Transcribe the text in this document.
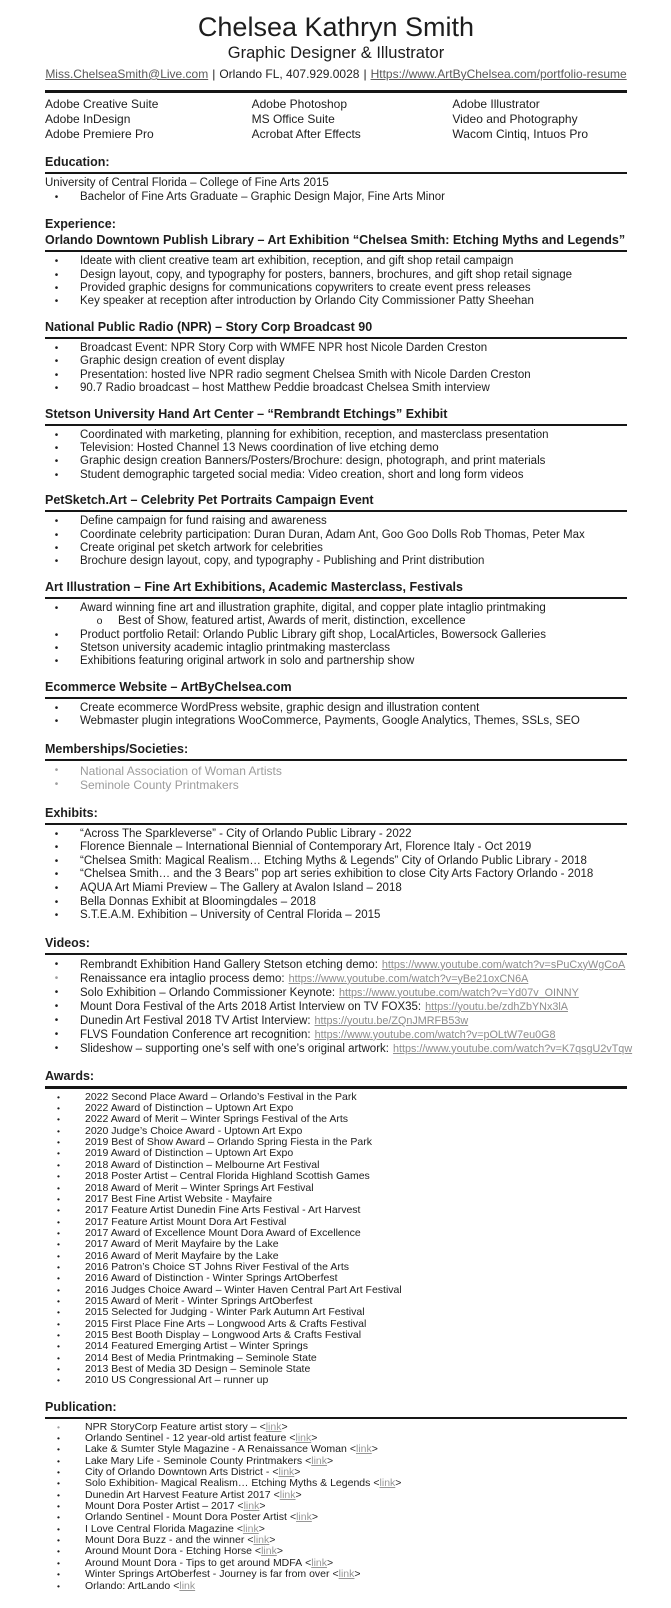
Chelsea Kathryn Smith
Graphic Designer & Illustrator
Miss.ChelseaSmith@Live.com | Orlando FL, 407.929.0028 | Https://www.ArtByChelsea.com/portfolio-resume
Adobe Creative Suite	Adobe Photoshop	Adobe Illustrator
Adobe InDesign	MS Office Suite	Video and Photography
Adobe Premiere Pro	Acrobat After Effects	Wacom Cintiq, Intuos Pro
Education:
University of Central Florida – College of Fine Arts 2015
• Bachelor of Fine Arts Graduate – Graphic Design Major, Fine Arts Minor
Experience:
Orlando Downtown Publish Library – Art Exhibition “Chelsea Smith: Etching Myths and Legends”
• Ideate with client creative team art exhibition, reception, and gift shop retail campaign
• Design layout, copy, and typography for posters, banners, brochures, and gift shop retail signage
• Provided graphic designs for communications copywriters to create event press releases
• Key speaker at reception after introduction by Orlando City Commissioner Patty Sheehan
National Public Radio (NPR) – Story Corp Broadcast 90
• Broadcast Event: NPR Story Corp with WMFE NPR host Nicole Darden Creston
• Graphic design creation of event display
• Presentation: hosted live NPR radio segment Chelsea Smith with Nicole Darden Creston
• 90.7 Radio broadcast – host Matthew Peddie broadcast Chelsea Smith interview
Stetson University Hand Art Center – “Rembrandt Etchings” Exhibit
• Coordinated with marketing, planning for exhibition, reception, and masterclass presentation
• Television: Hosted Channel 13 News coordination of live etching demo
• Graphic design creation Banners/Posters/Brochure: design, photograph, and print materials
• Student demographic targeted social media: Video creation, short and long form videos
PetSketch.Art – Celebrity Pet Portraits Campaign Event
• Define campaign for fund raising and awareness
• Coordinate celebrity participation: Duran Duran, Adam Ant, Goo Goo Dolls Rob Thomas, Peter Max
• Create original pet sketch artwork for celebrities
• Brochure design layout, copy, and typography - Publishing and Print distribution
Art Illustration – Fine Art Exhibitions, Academic Masterclass, Festivals
• Award winning fine art and illustration graphite, digital, and copper plate intaglio printmaking
o Best of Show, featured artist, Awards of merit, distinction, excellence
• Product portfolio Retail: Orlando Public Library gift shop, LocalArticles, Bowersock Galleries
• Stetson university academic intaglio printmaking masterclass
• Exhibitions featuring original artwork in solo and partnership show
Ecommerce Website – ArtByChelsea.com
• Create ecommerce WordPress website, graphic design and illustration content
• Webmaster plugin integrations WooCommerce, Payments, Google Analytics, Themes, SSLs, SEO
Memberships/Societies:
• National Association of Woman Artists
• Seminole County Printmakers
Exhibits:
• “Across The Sparkleverse” - City of Orlando Public Library - 2022
• Florence Biennale – International Biennial of Contemporary Art, Florence Italy - Oct 2019
• “Chelsea Smith: Magical Realism… Etching Myths & Legends” City of Orlando Public Library - 2018
• “Chelsea Smith… and the 3 Bears” pop art series exhibition to close City Arts Factory Orlando - 2018
• AQUA Art Miami Preview – The Gallery at Avalon Island – 2018
• Bella Donnas Exhibit at Bloomingdales – 2018
• S.T.E.A.M. Exhibition – University of Central Florida – 2015
Videos:
• Rembrandt Exhibition Hand Gallery Stetson etching demo: https://www.youtube.com/watch?v=sPuCxyWgCoA
• Renaissance era intaglio process demo: https://www.youtube.com/watch?v=yBe21oxCN6A
• Solo Exhibition – Orlando Commissioner Keynote: https://www.youtube.com/watch?v=Yd07v_OINNY
• Mount Dora Festival of the Arts 2018 Artist Interview on TV FOX35: https://youtu.be/zdhZbYNx3lA
• Dunedin Art Festival 2018 TV Artist Interview: https://youtu.be/ZQnJMRFB53w
• FLVS Foundation Conference art recognition: https://www.youtube.com/watch?v=pOLtW7eu0G8
• Slideshow – supporting one’s self with one’s original artwork: https://www.youtube.com/watch?v=K7qsgU2vTqw
Awards:
• 2022 Second Place Award – Orlando’s Festival in the Park
• 2022 Award of Distinction – Uptown Art Expo
• 2022 Award of Merit – Winter Springs Festival of the Arts
• 2020 Judge’s Choice Award - Uptown Art Expo
• 2019 Best of Show Award – Orlando Spring Fiesta in the Park
• 2019 Award of Distinction – Uptown Art Expo
• 2018 Award of Distinction – Melbourne Art Festival
• 2018 Poster Artist – Central Florida Highland Scottish Games
• 2018 Award of Merit – Winter Springs Art Festival
• 2017 Best Fine Artist Website - Mayfaire
• 2017 Feature Artist Dunedin Fine Arts Festival - Art Harvest
• 2017 Feature Artist Mount Dora Art Festival
• 2017 Award of Excellence Mount Dora Award of Excellence
• 2017 Award of Merit Mayfaire by the Lake
• 2016 Award of Merit Mayfaire by the Lake
• 2016 Patron’s Choice ST Johns River Festival of the Arts
• 2016 Award of Distinction - Winter Springs ArtOberfest
• 2016 Judges Choice Award – Winter Haven Central Part Art Festival
• 2015 Award of Merit - Winter Springs ArtOberfest
• 2015 Selected for Judging - Winter Park Autumn Art Festival
• 2015 First Place Fine Arts – Longwood Arts & Crafts Festival
• 2015 Best Booth Display – Longwood Arts & Crafts Festival
• 2014 Featured Emerging Artist – Winter Springs
• 2014 Best of Media Printmaking – Seminole State
• 2013 Best of Media 3D Design – Seminole State
• 2010 US Congressional Art – runner up
Publication:
• NPR StoryCorp Feature artist story – < link >
• Orlando Sentinel - 12 year-old artist feature < link >
• Lake & Sumter Style Magazine - A Renaissance Woman < link >
• Lake Mary Life - Seminole County Printmakers < link >
• City of Orlando Downtown Arts District - < link >
• Solo Exhibition- Magical Realism… Etching Myths & Legends < link >
• Dunedin Art Harvest Feature Artist 2017 < link >
• Mount Dora Poster Artist – 2017 < link >
• Orlando Sentinel - Mount Dora Poster Artist < link >
• I Love Central Florida Magazine < link >
• Mount Dora Buzz - and the winner < link >
• Around Mount Dora - Etching Horse < link >
• Around Mount Dora - Tips to get around MDFA < link >
• Winter Springs ArtOberfest - Journey is far from over < link >
• Orlando: ArtLando < link
